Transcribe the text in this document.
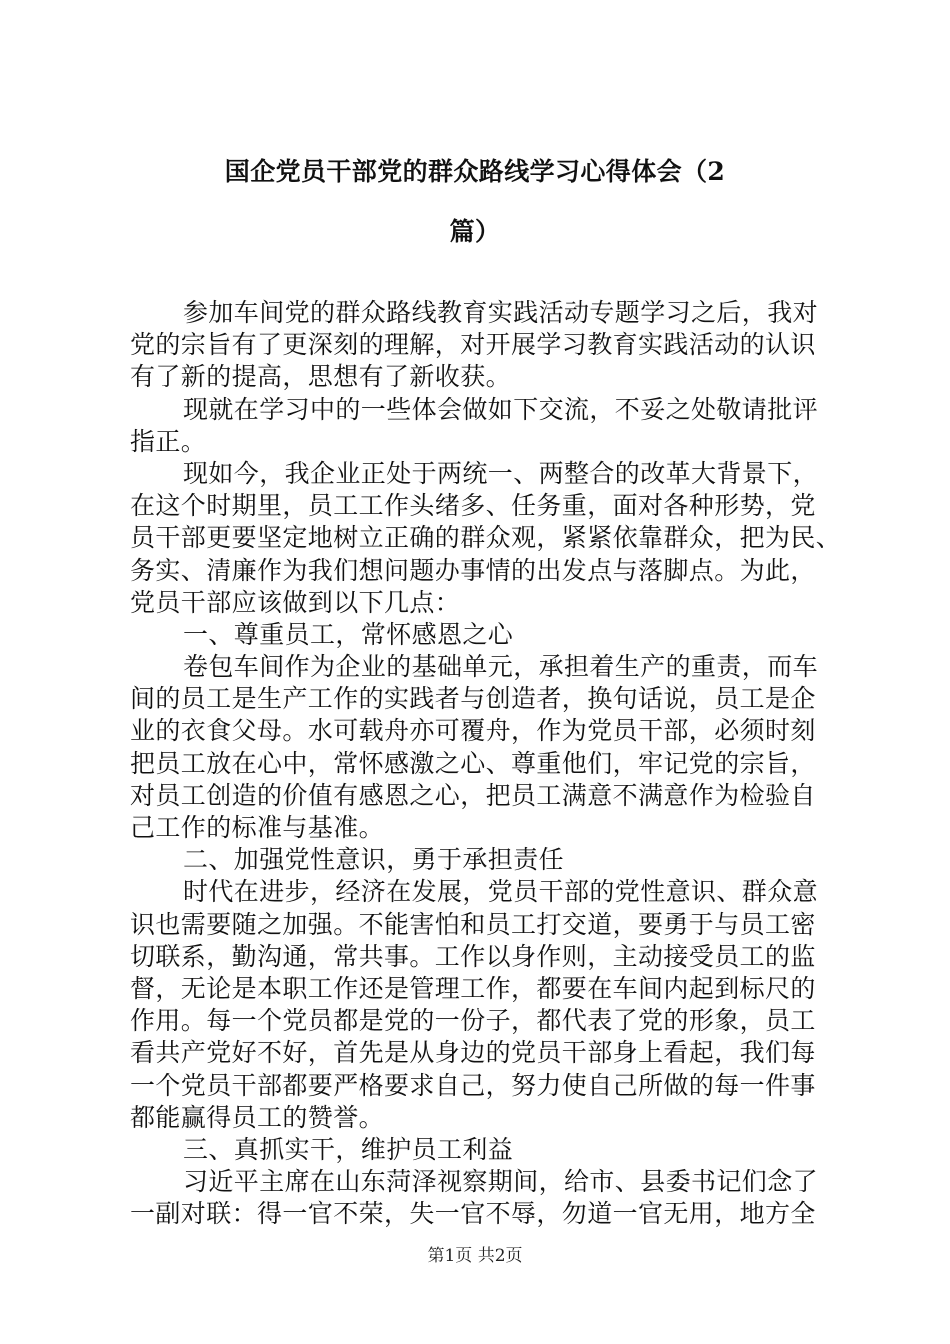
国企党员干部党的群众路线学习心得体会（2
篇）
参加车间党的群众路线教育实践活动专题学习之后，我对
党的宗旨有了更深刻的理解，对开展学习教育实践活动的认识
有了新的提高，思想有了新收获。
现就在学习中的一些体会做如下交流，不妥之处敬请批评
指正。
现如今，我企业正处于两统一、两整合的改革大背景下，
在这个时期里，员工工作头绪多、任务重，面对各种形势，党
员干部更要坚定地树立正确的群众观，紧紧依靠群众，把为民、
务实、清廉作为我们想问题办事情的出发点与落脚点。为此，
党员干部应该做到以下几点：
一、尊重员工，常怀感恩之心
卷包车间作为企业的基础单元，承担着生产的重责，而车
间的员工是生产工作的实践者与创造者，换句话说，员工是企
业的衣食父母。水可载舟亦可覆舟，作为党员干部，必须时刻
把员工放在心中，常怀感激之心、尊重他们，牢记党的宗旨，
对员工创造的价值有感恩之心，把员工满意不满意作为检验自
己工作的标准与基准。
二、加强党性意识，勇于承担责任
时代在进步，经济在发展，党员干部的党性意识、群众意
识也需要随之加强。不能害怕和员工打交道，要勇于与员工密
切联系，勤沟通，常共事。工作以身作则，主动接受员工的监
督，无论是本职工作还是管理工作，都要在车间内起到标尺的
作用。每一个党员都是党的一份子，都代表了党的形象，员工
看共产党好不好，首先是从身边的党员干部身上看起，我们每
一个党员干部都要严格要求自己，努力使自己所做的每一件事
都能赢得员工的赞誉。
三、真抓实干，维护员工利益
习近平主席在山东菏泽视察期间，给市、县委书记们念了
一副对联：得一官不荣，失一官不辱，勿道一官无用，地方全
第1页 共2页
